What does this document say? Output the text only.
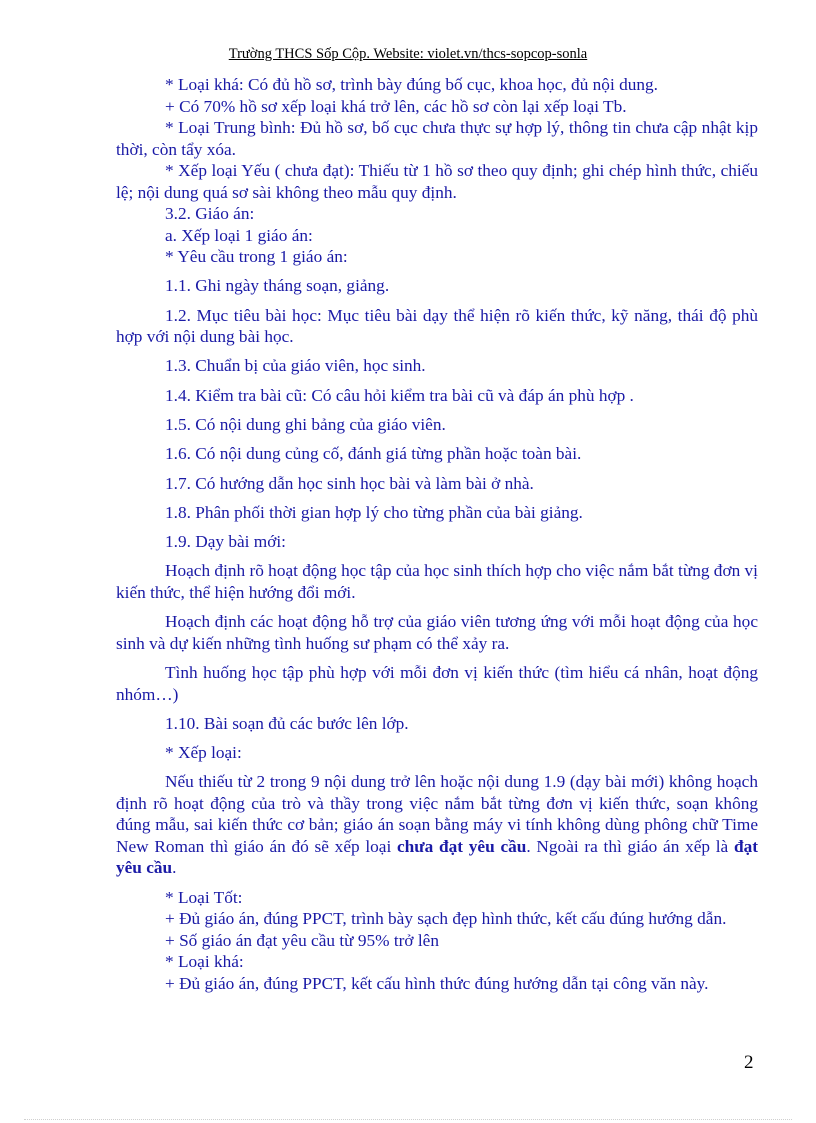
Trường THCS Sốp Cộp. Website: violet.vn/thcs-sopcop-sonla

* Loại khá: Có đủ hồ sơ, trình bày đúng bố cục, khoa học, đủ nội dung.

+ Có 70% hồ sơ xếp loại khá trở lên, các hồ sơ còn lại xếp loại Tb.

* Loại Trung bình: Đủ hồ sơ, bố cục chưa thực sự hợp lý, thông tin chưa cập nhật kịp thời, còn tẩy xóa.

* Xếp loại Yếu ( chưa đạt): Thiếu từ 1 hồ sơ theo quy định; ghi chép hình thức, chiếu lệ; nội dung quá sơ sài không theo mẫu quy định.

3.2. Giáo án:

a. Xếp loại 1 giáo án:

* Yêu cầu trong 1 giáo án:

1.1. Ghi ngày tháng soạn, giảng.

1.2. Mục tiêu bài học: Mục tiêu bài dạy thể hiện rõ kiến thức, kỹ năng, thái độ phù hợp với nội dung bài học.

1.3. Chuẩn bị của giáo viên, học sinh.

1.4. Kiểm tra bài cũ: Có câu hỏi kiểm tra bài cũ và đáp án phù hợp .

1.5. Có nội dung ghi bảng của giáo viên.

1.6. Có nội dung củng cố, đánh giá từng phần hoặc toàn bài.

1.7. Có hướng dẫn học sinh học bài và làm bài ở nhà.

1.8. Phân phối thời gian hợp lý cho từng phần của bài giảng.

1.9. Dạy bài mới:

Hoạch định rõ hoạt động học tập của học sinh thích hợp cho việc nắm bắt từng đơn vị kiến thức, thể hiện hướng đổi mới.

Hoạch định các hoạt động hỗ trợ của giáo viên tương ứng với mỗi hoạt động của học sinh và dự kiến những tình huống sư phạm có thể xảy ra.

Tình huống học tập phù hợp với mỗi đơn vị kiến thức (tìm hiểu cá nhân, hoạt động nhóm…)

1.10. Bài soạn đủ các bước lên lớp.

* Xếp loại:

Nếu thiếu từ 2 trong 9 nội dung trở lên hoặc nội dung 1.9 (dạy bài mới) không hoạch định rõ hoạt động của trò và thầy trong việc nắm bắt từng đơn vị kiến thức, soạn không đúng mẫu, sai kiến thức cơ bản; giáo án soạn bằng máy vi tính không dùng phông chữ Time New Roman thì giáo án đó sẽ xếp loại chưa đạt yêu cầu. Ngoài ra thì giáo án xếp là đạt yêu cầu.

* Loại Tốt:

+ Đủ giáo án, đúng PPCT, trình bày sạch đẹp hình thức, kết cấu đúng hướng dẫn.

+ Số giáo án đạt yêu cầu từ 95% trở lên

* Loại khá:

+ Đủ giáo án, đúng PPCT, kết cấu hình thức đúng hướng dẫn tại công văn này.

2
